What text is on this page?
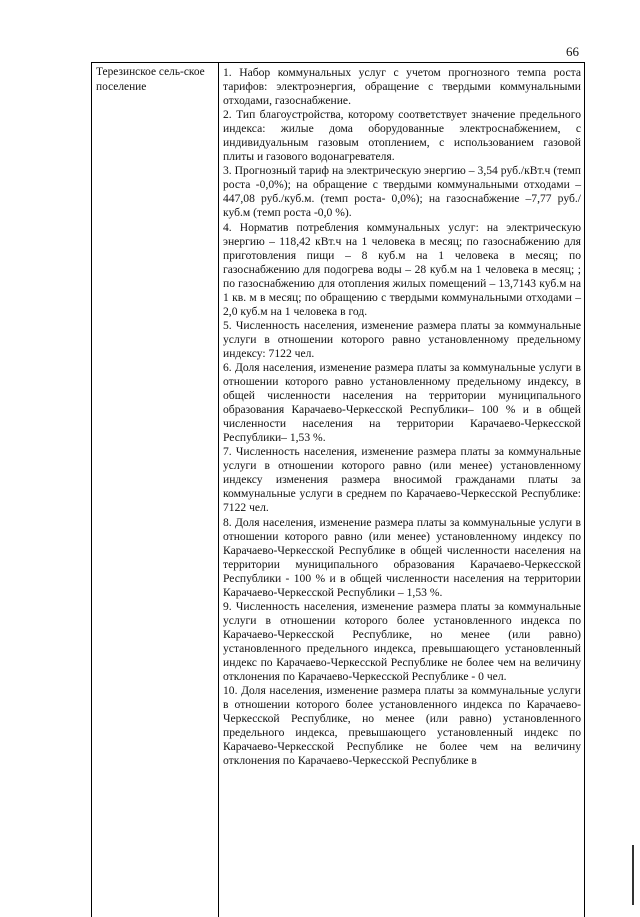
66
Терезинское сель-ское поселение

1. Набор коммунальных услуг с учетом прогнозного темпа роста тарифов: электроэнергия, обращение с твердыми коммунальными отходами, газоснабжение.

2. Тип благоустройства, которому соответствует значение предельного индекса: жилые дома оборудованные электроснабжением, с индивидуальным газовым отоплением, с использованием газовой плиты и газового водонагревателя.

3. Прогнозный тариф на электрическую энергию – 3,54 руб./кВт.ч (темп роста -0,0%); на обращение с твердыми коммунальными отходами – 447,08 руб./куб.м. (темп роста- 0,0%); на газоснабжение –7,77 руб./куб.м (темп роста -0,0 %).

4. Норматив потребления коммунальных услуг: на электрическую энергию – 118,42 кВт.ч на 1 человека в месяц; по газоснабжению для приготовления пищи – 8 куб.м на 1 человека в месяц; по газоснабжению для подогрева воды – 28 куб.м на 1 человека в месяц; ; по газоснабжению для отопления жилых помещений – 13,7143 куб.м на 1 кв. м в месяц; по обращению с твердыми коммунальными отходами – 2,0 куб.м на 1 человека в год.

5. Численность населения, изменение размера платы за коммунальные услуги в отношении которого равно установленному предельному индексу: 7122 чел.

6. Доля населения, изменение размера платы за коммунальные услуги в отношении которого равно установленному предельному индексу, в общей численности населения на территории муниципального образования Карачаево-Черкесской Республики– 100 % и в общей численности населения на территории Карачаево-Черкесской Республики– 1,53 %.

7. Численность населения, изменение размера платы за коммунальные услуги в отношении которого равно (или менее) установленному индексу изменения размера вносимой гражданами платы за коммунальные услуги в среднем по Карачаево-Черкесской Республике: 7122 чел.

8. Доля населения, изменение размера платы за коммунальные услуги в отношении которого равно (или менее) установленному индексу по Карачаево-Черкесской Республике в общей численности населения на территории муниципального образования Карачаево-Черкесской Республики - 100 % и в общей численности населения на территории Карачаево-Черкесской Республики – 1,53 %.

9. Численность населения, изменение размера платы за коммунальные услуги в отношении которого более установленного индекса по Карачаево-Черкесской Республике, но менее (или равно) установленного предельного индекса, превышающего установленный индекс по Карачаево-Черкесской Республике не более чем на величину отклонения по Карачаево-Черкесской Республике - 0 чел.

10. Доля населения, изменение размера платы за коммунальные услуги в отношении которого более установленного индекса по Карачаево-Черкесской Республике, но менее (или равно) установленного предельного индекса, превышающего установленный индекс по Карачаево-Черкесской Республике не более чем на величину отклонения по Карачаево-Черкесской Республике в
